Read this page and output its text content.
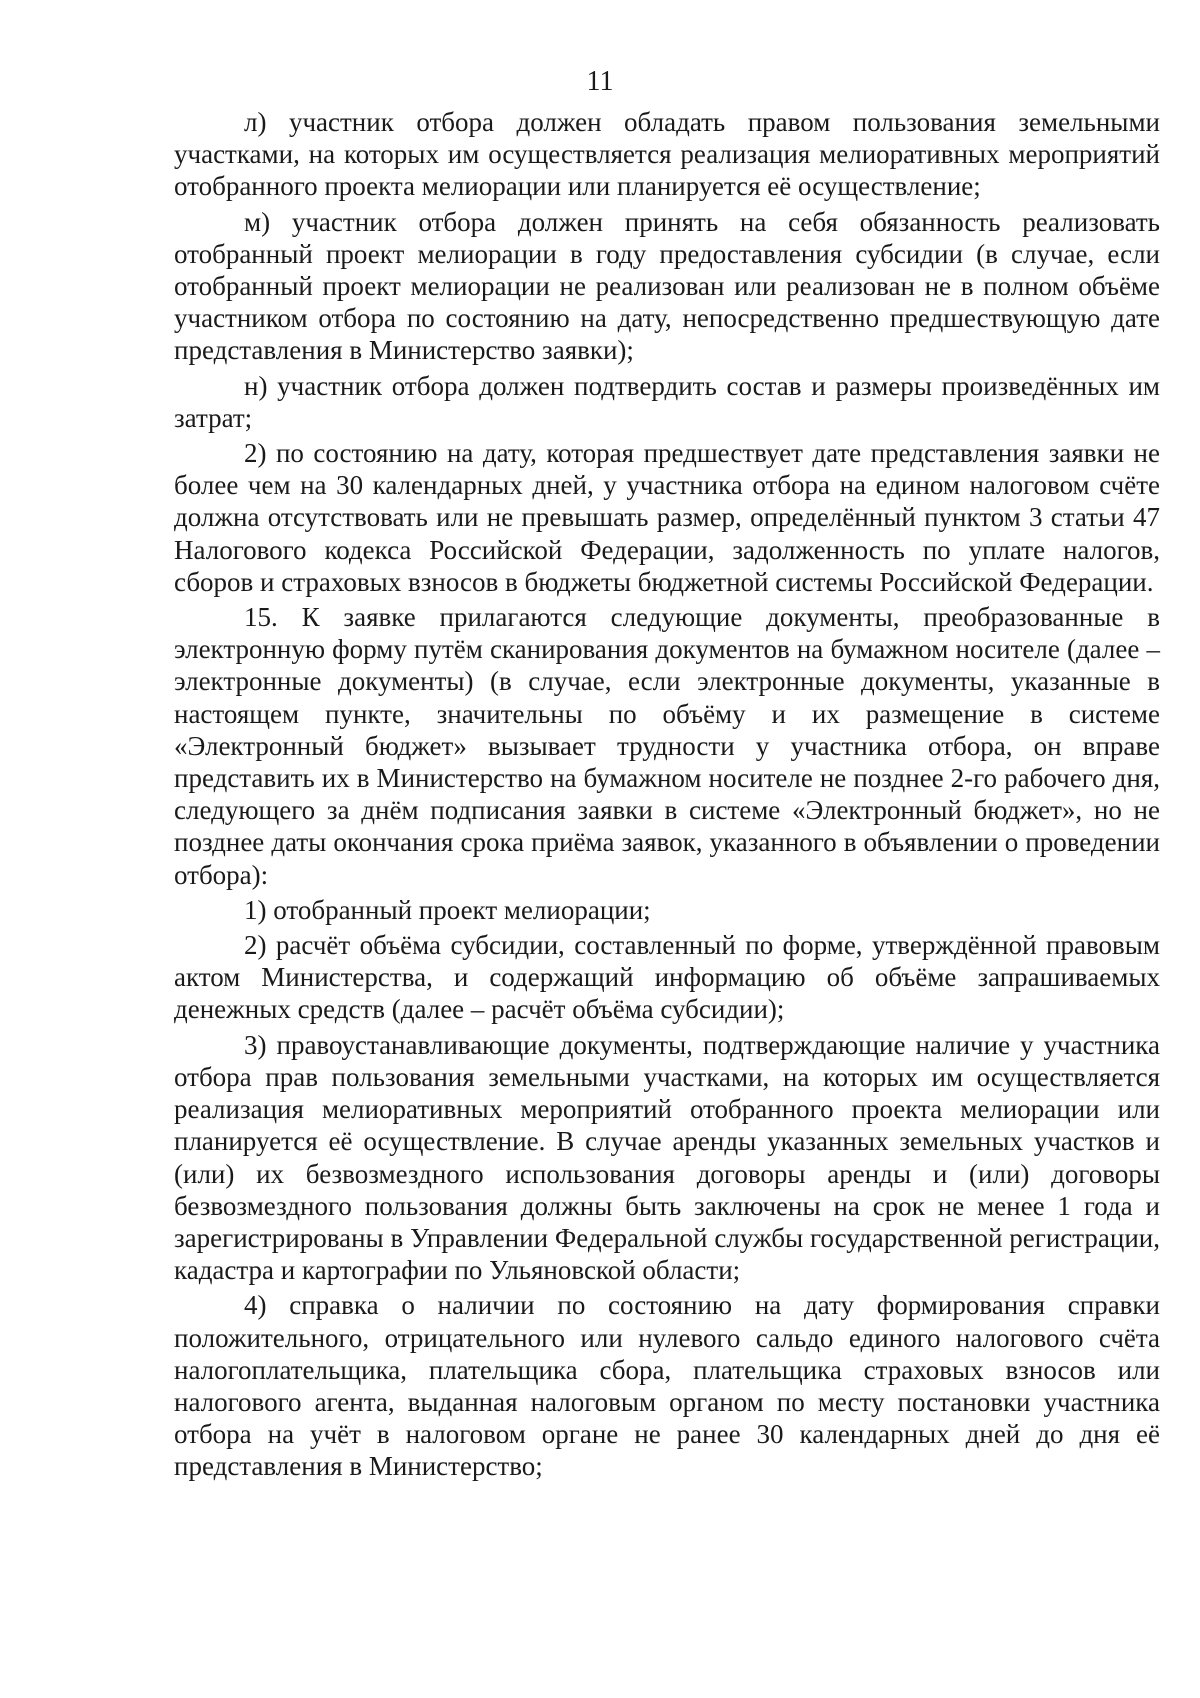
11

л) участник отбора должен обладать правом пользования земельными участками, на которых им осуществляется реализация мелиоративных мероприятий отобранного проекта мелиорации или планируется её осуществление;

м) участник отбора должен принять на себя обязанность реализовать отобранный проект мелиорации в году предоставления субсидии (в случае, если отобранный проект мелиорации не реализован или реализован не в полном объёме участником отбора по состоянию на дату, непосредственно предшествующую дате представления в Министерство заявки);

н) участник отбора должен подтвердить состав и размеры произведённых им затрат;

2) по состоянию на дату, которая предшествует дате представления заявки не более чем на 30 календарных дней, у участника отбора на едином налоговом счёте должна отсутствовать или не превышать размер, определённый пунктом 3 статьи 47 Налогового кодекса Российской Федерации, задолженность по уплате налогов, сборов и страховых взносов в бюджеты бюджетной системы Российской Федерации.

15. К заявке прилагаются следующие документы, преобразованные в электронную форму путём сканирования документов на бумажном носителе (далее – электронные документы) (в случае, если электронные документы, указанные в настоящем пункте, значительны по объёму и их размещение в системе «Электронный бюджет» вызывает трудности у участника отбора, он вправе представить их в Министерство на бумажном носителе не позднее 2-го рабочего дня, следующего за днём подписания заявки в системе «Электронный бюджет», но не позднее даты окончания срока приёма заявок, указанного в объявлении о проведении отбора):

1) отобранный проект мелиорации;

2) расчёт объёма субсидии, составленный по форме, утверждённой правовым актом Министерства, и содержащий информацию об объёме запрашиваемых денежных средств (далее – расчёт объёма субсидии);

3) правоустанавливающие документы, подтверждающие наличие у участника отбора прав пользования земельными участками, на которых им осуществляется реализация мелиоративных мероприятий отобранного проекта мелиорации или планируется её осуществление. В случае аренды указанных земельных участков и (или) их безвозмездного использования договоры аренды и (или) договоры безвозмездного пользования должны быть заключены на срок не менее 1 года и зарегистрированы в Управлении Федеральной службы государственной регистрации, кадастра и картографии по Ульяновской области;

4) справка о наличии по состоянию на дату формирования справки положительного, отрицательного или нулевого сальдо единого налогового счёта налогоплательщика, плательщика сбора, плательщика страховых взносов или налогового агента, выданная налоговым органом по месту постановки участника отбора на учёт в налоговом органе не ранее 30 календарных дней до дня её представления в Министерство;
